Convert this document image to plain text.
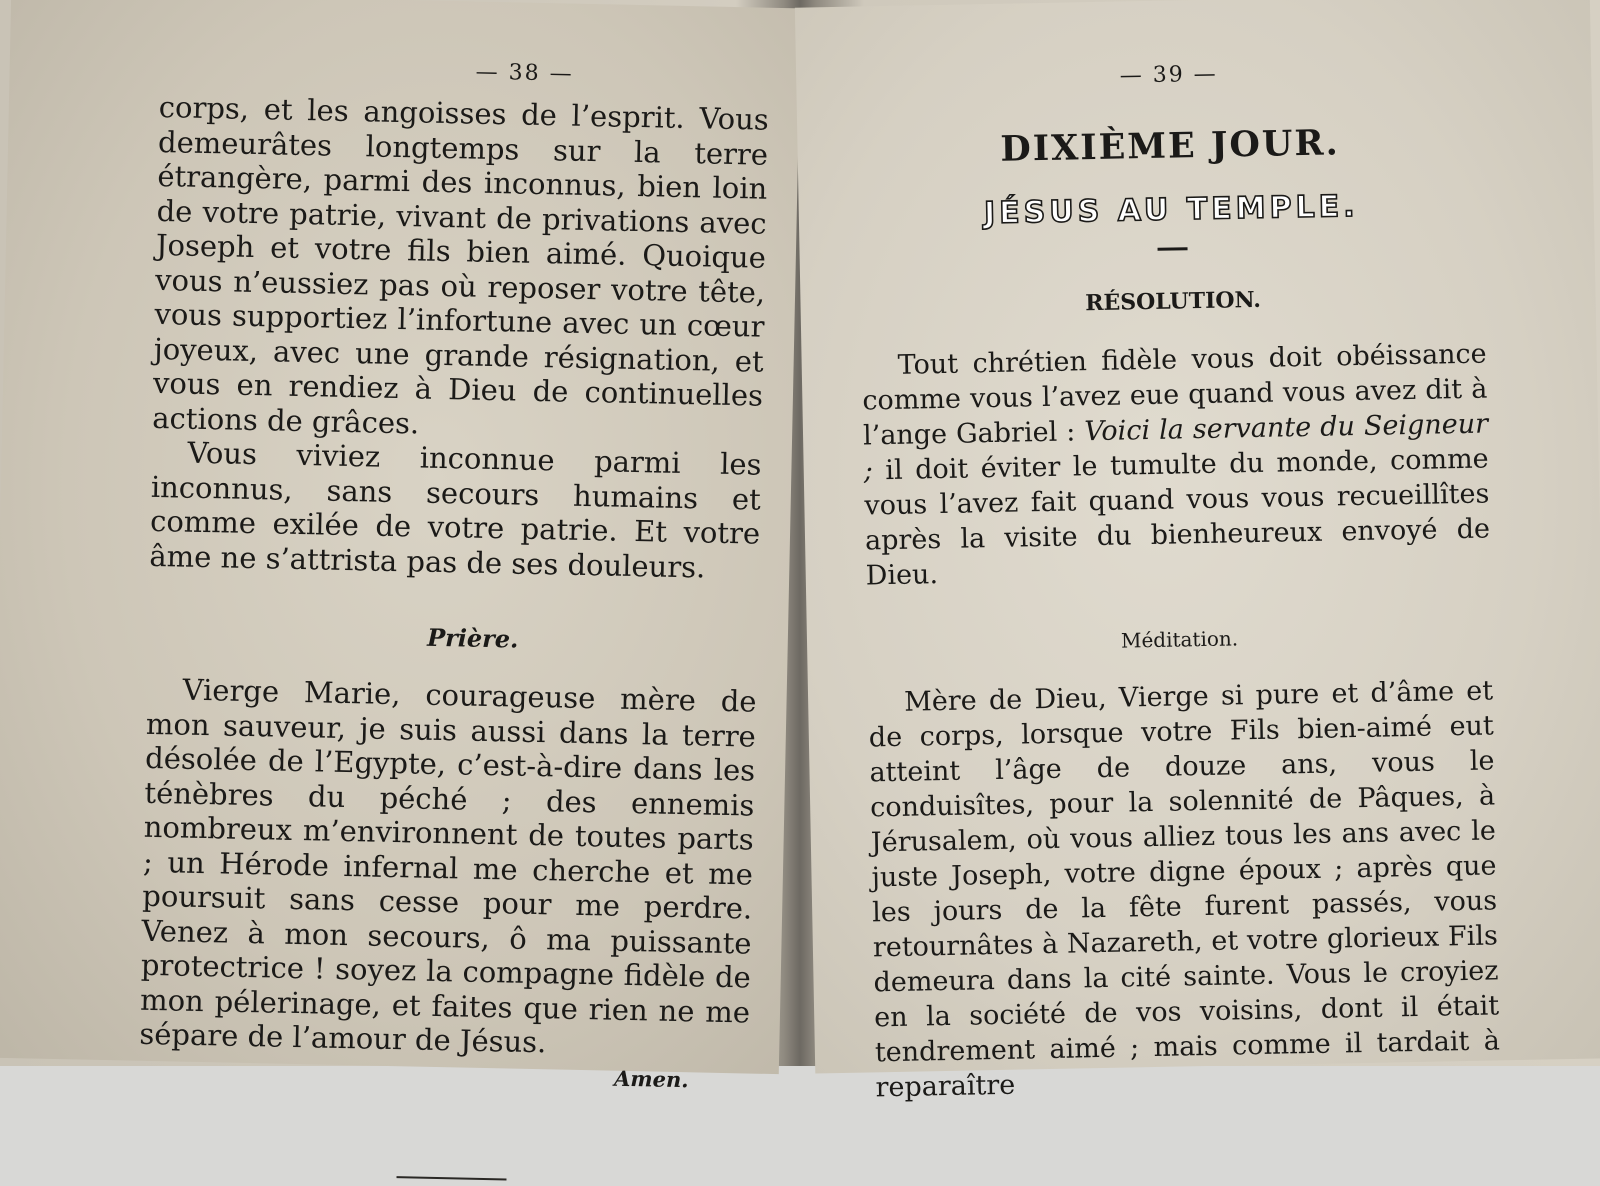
— 38 —

corps, et les angoisses de l’esprit. Vous demeurâtes longtemps sur la terre étrangère, parmi des inconnus, bien loin de votre patrie, vivant de privations avec Joseph et votre fils bien aimé. Quoique vous n’eussiez pas où reposer votre tête, vous supportiez l’infortune avec un cœur joyeux, avec une grande résignation, et vous en rendiez à Dieu de continuelles actions de grâces.

Vous viviez inconnue parmi les inconnus, sans secours humains et comme exilée de votre patrie. Et votre âme ne s’attrista pas de ses douleurs.

Prière.

Vierge Marie, courageuse mère de mon sauveur, je suis aussi dans la terre désolée de l’Egypte, c’est-à-dire dans les ténèbres du péché ; des ennemis nombreux m’environnent de toutes parts ; un Hérode infernal me cherche et me poursuit sans cesse pour me perdre. Venez à mon secours, ô ma puissante protectrice ! soyez la compagne fidèle de mon pélerinage, et faites que rien ne me sépare de l’amour de Jésus.

Amen.
— 39 —
DIXIÈME JOUR.
JÉSUS AU TEMPLE.
RÉSOLUTION.

Tout chrétien fidèle vous doit obéissance comme vous l’avez eue quand vous avez dit à l’ange Gabriel : Voici la servante du Seigneur ; il doit éviter le tumulte du monde, comme vous l’avez fait quand vous vous recueillîtes après la visite du bienheureux envoyé de Dieu.

Méditation.

Mère de Dieu, Vierge si pure et d’âme et de corps, lorsque votre Fils bien-aimé eut atteint l’âge de douze ans, vous le conduisîtes, pour la solennité de Pâques, à Jérusalem, où vous alliez tous les ans avec le juste Joseph, votre digne époux ; après que les jours de la fête furent passés, vous retournâtes à Nazareth, et votre glorieux Fils demeura dans la cité sainte. Vous le croyiez en la société de vos voisins, dont il était tendrement aimé ; mais comme il tardait à reparaître
